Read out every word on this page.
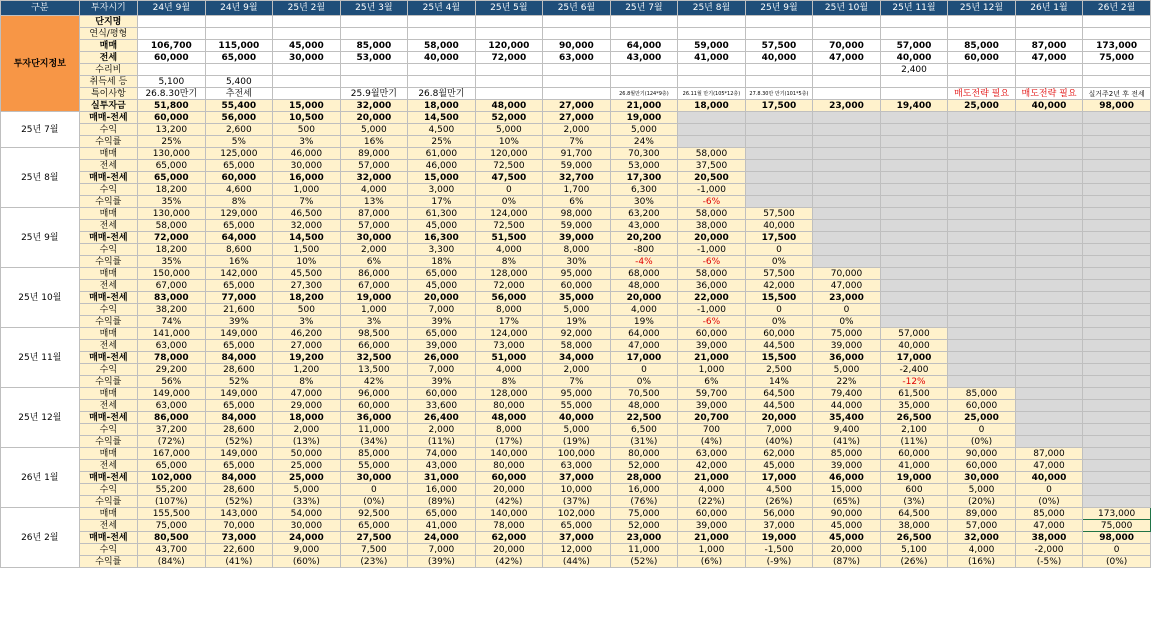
구분	투자시기	24년 9월	24년 9월	25년 2월	25년 3월	25년 4월	25년 5월	25년 6월	25년 7월	25년 8월	25년 9월	25년 10월	25년 11월	25년 12월	26년 1월	26년 2월
투자단지정보	단지명															
	연식/평형															
	매매	106,700	115,000	45,000	85,000	58,000	120,000	90,000	64,000	59,000	57,500	70,000	57,000	85,000	87,000	173,000
	전세	60,000	65,000	30,000	53,000	40,000	72,000	63,000	43,000	41,000	40,000	47,000	40,000	60,000	47,000	75,000
	수리비												2,400			
	취득세 등	5,100	5,400													
	특이사항	26.8.30만기	추전세		25.9월만기	26.8월만기			26.8월만기(124*9층)	26.11월 만기(105*12층)	27.8.30만 만기(101*5층)			매도전략 필요	매도전략 필요	실거주2년 후 전세
	실투자금	51,800	55,400	15,000	32,000	18,000	48,000	27,000	21,000	18,000	17,500	23,000	19,400	25,000	40,000	98,000
25년 7월	매매-전세	60,000	56,000	10,500	20,000	14,500	52,000	27,000	19,000							
	수익	13,200	2,600	500	5,000	4,500	5,000	2,000	5,000							
	수익률	25%	5%	3%	16%	25%	10%	7%	24%							
25년 8월	매매	130,000	125,000	46,000	89,000	61,000	120,000	91,700	70,300	58,000						
	전세	65,000	65,000	30,000	57,000	46,000	72,500	59,000	53,000	37,500						
	매매-전세	65,000	60,000	16,000	32,000	15,000	47,500	32,700	17,300	20,500						
	수익	18,200	4,600	1,000	4,000	3,000	0	1,700	6,300	-1,000						
	수익률	35%	8%	7%	13%	17%	0%	6%	30%	-6%						
25년 9월	매매	130,000	129,000	46,500	87,000	61,300	124,000	98,000	63,200	58,000	57,500					
	전세	58,000	65,000	32,000	57,000	45,000	72,500	59,000	43,000	38,000	40,000					
	매매-전세	72,000	64,000	14,500	30,000	16,300	51,500	39,000	20,200	20,000	17,500					
	수익	18,200	8,600	1,500	2,000	3,300	4,000	8,000	-800	-1,000	0					
	수익률	35%	16%	10%	6%	18%	8%	30%	-4%	-6%	0%					
25년 10월	매매	150,000	142,000	45,500	86,000	65,000	128,000	95,000	68,000	58,000	57,500	70,000				
	전세	67,000	65,000	27,300	67,000	45,000	72,000	60,000	48,000	36,000	42,000	47,000				
	매매-전세	83,000	77,000	18,200	19,000	20,000	56,000	35,000	20,000	22,000	15,500	23,000				
	수익	38,200	21,600	500	1,000	7,000	8,000	5,000	4,000	-1,000	0	0				
	수익률	74%	39%	3%	3%	39%	17%	19%	19%	-6%	0%	0%				
25년 11월	매매	141,000	149,000	46,200	98,500	65,000	124,000	92,000	64,000	60,000	60,000	75,000	57,000			
	전세	63,000	65,000	27,000	66,000	39,000	73,000	58,000	47,000	39,000	44,500	39,000	40,000			
	매매-전세	78,000	84,000	19,200	32,500	26,000	51,000	34,000	17,000	21,000	15,500	36,000	17,000			
	수익	29,200	28,600	1,200	13,500	7,000	4,000	2,000	0	1,000	2,500	5,000	-2,400			
	수익률	56%	52%	8%	42%	39%	8%	7%	0%	6%	14%	22%	-12%			
25년 12월	매매	149,000	149,000	47,000	96,000	60,000	128,000	95,000	70,500	59,700	64,500	79,400	61,500	85,000		
	전세	63,000	65,000	29,000	60,000	33,600	80,000	55,000	48,000	39,000	44,500	44,000	35,000	60,000		
	매매-전세	86,000	84,000	18,000	36,000	26,400	48,000	40,000	22,500	20,700	20,000	35,400	26,500	25,000		
	수익	37,200	28,600	2,000	11,000	2,000	8,000	5,000	6,500	700	7,000	9,400	2,100	0		
	수익률	(72%)	(52%)	(13%)	(34%)	(11%)	(17%)	(19%)	(31%)	(4%)	(40%)	(41%)	(11%)	(0%)		
26년 1월	매매	167,000	149,000	50,000	85,000	74,000	140,000	100,000	80,000	63,000	62,000	85,000	60,000	90,000	87,000	
	전세	65,000	65,000	25,000	55,000	43,000	80,000	63,000	52,000	42,000	45,000	39,000	41,000	60,000	47,000	
	매매-전세	102,000	84,000	25,000	30,000	31,000	60,000	37,000	28,000	21,000	17,000	46,000	19,000	30,000	40,000	
	수익	55,200	28,600	5,000	0	16,000	20,000	10,000	16,000	4,000	4,500	15,000	600	5,000	0	
	수익률	(107%)	(52%)	(33%)	(0%)	(89%)	(42%)	(37%)	(76%)	(22%)	(26%)	(65%)	(3%)	(20%)	(0%)	
26년 2월	매매	155,500	143,000	54,000	92,500	65,000	140,000	102,000	75,000	60,000	56,000	90,000	64,500	89,000	85,000	173,000
	전세	75,000	70,000	30,000	65,000	41,000	78,000	65,000	52,000	39,000	37,000	45,000	38,000	57,000	47,000	75,000
	매매-전세	80,500	73,000	24,000	27,500	24,000	62,000	37,000	23,000	21,000	19,000	45,000	26,500	32,000	38,000	98,000
	수익	43,700	22,600	9,000	7,500	7,000	20,000	12,000	11,000	1,000	-1,500	20,000	5,100	4,000	-2,000	0
	수익률	(84%)	(41%)	(60%)	(23%)	(39%)	(42%)	(44%)	(52%)	(6%)	(-9%)	(87%)	(26%)	(16%)	(-5%)	(0%)
